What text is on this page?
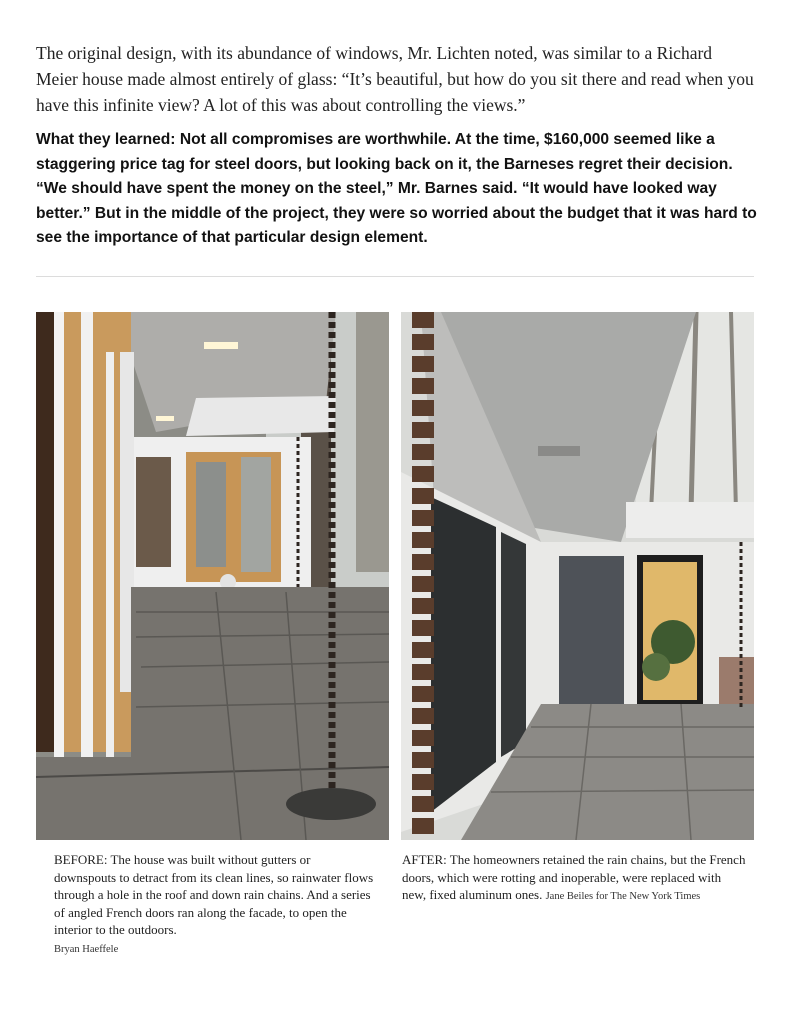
The original design, with its abundance of windows, Mr. Lichten noted, was similar to a Richard Meier house made almost entirely of glass: “It’s beautiful, but how do you sit there and read when you have this infinite view? A lot of this was about controlling the views.”

What they learned: Not all compromises are worthwhile. At the time, $160,000 seemed like a staggering price tag for steel doors, but looking back on it, the Barneses regret their decision. “We should have spent the money on the steel,” Mr. Barnes said. “It would have looked way better.” But in the middle of the project, they were so worried about the budget that it was hard to see the importance of that particular design element.

BEFORE: The house was built without gutters or downspouts to detract from its clean lines, so rainwater flows through a hole in the roof and down rain chains. And a series of angled French doors ran along the facade, to open the interior to the outdoors.
Bryan Haeffele
AFTER: The homeowners retained the rain chains, but the French doors, which were rotting and inoperable, were replaced with new, fixed aluminum ones. Jane Beiles for The New York Times
